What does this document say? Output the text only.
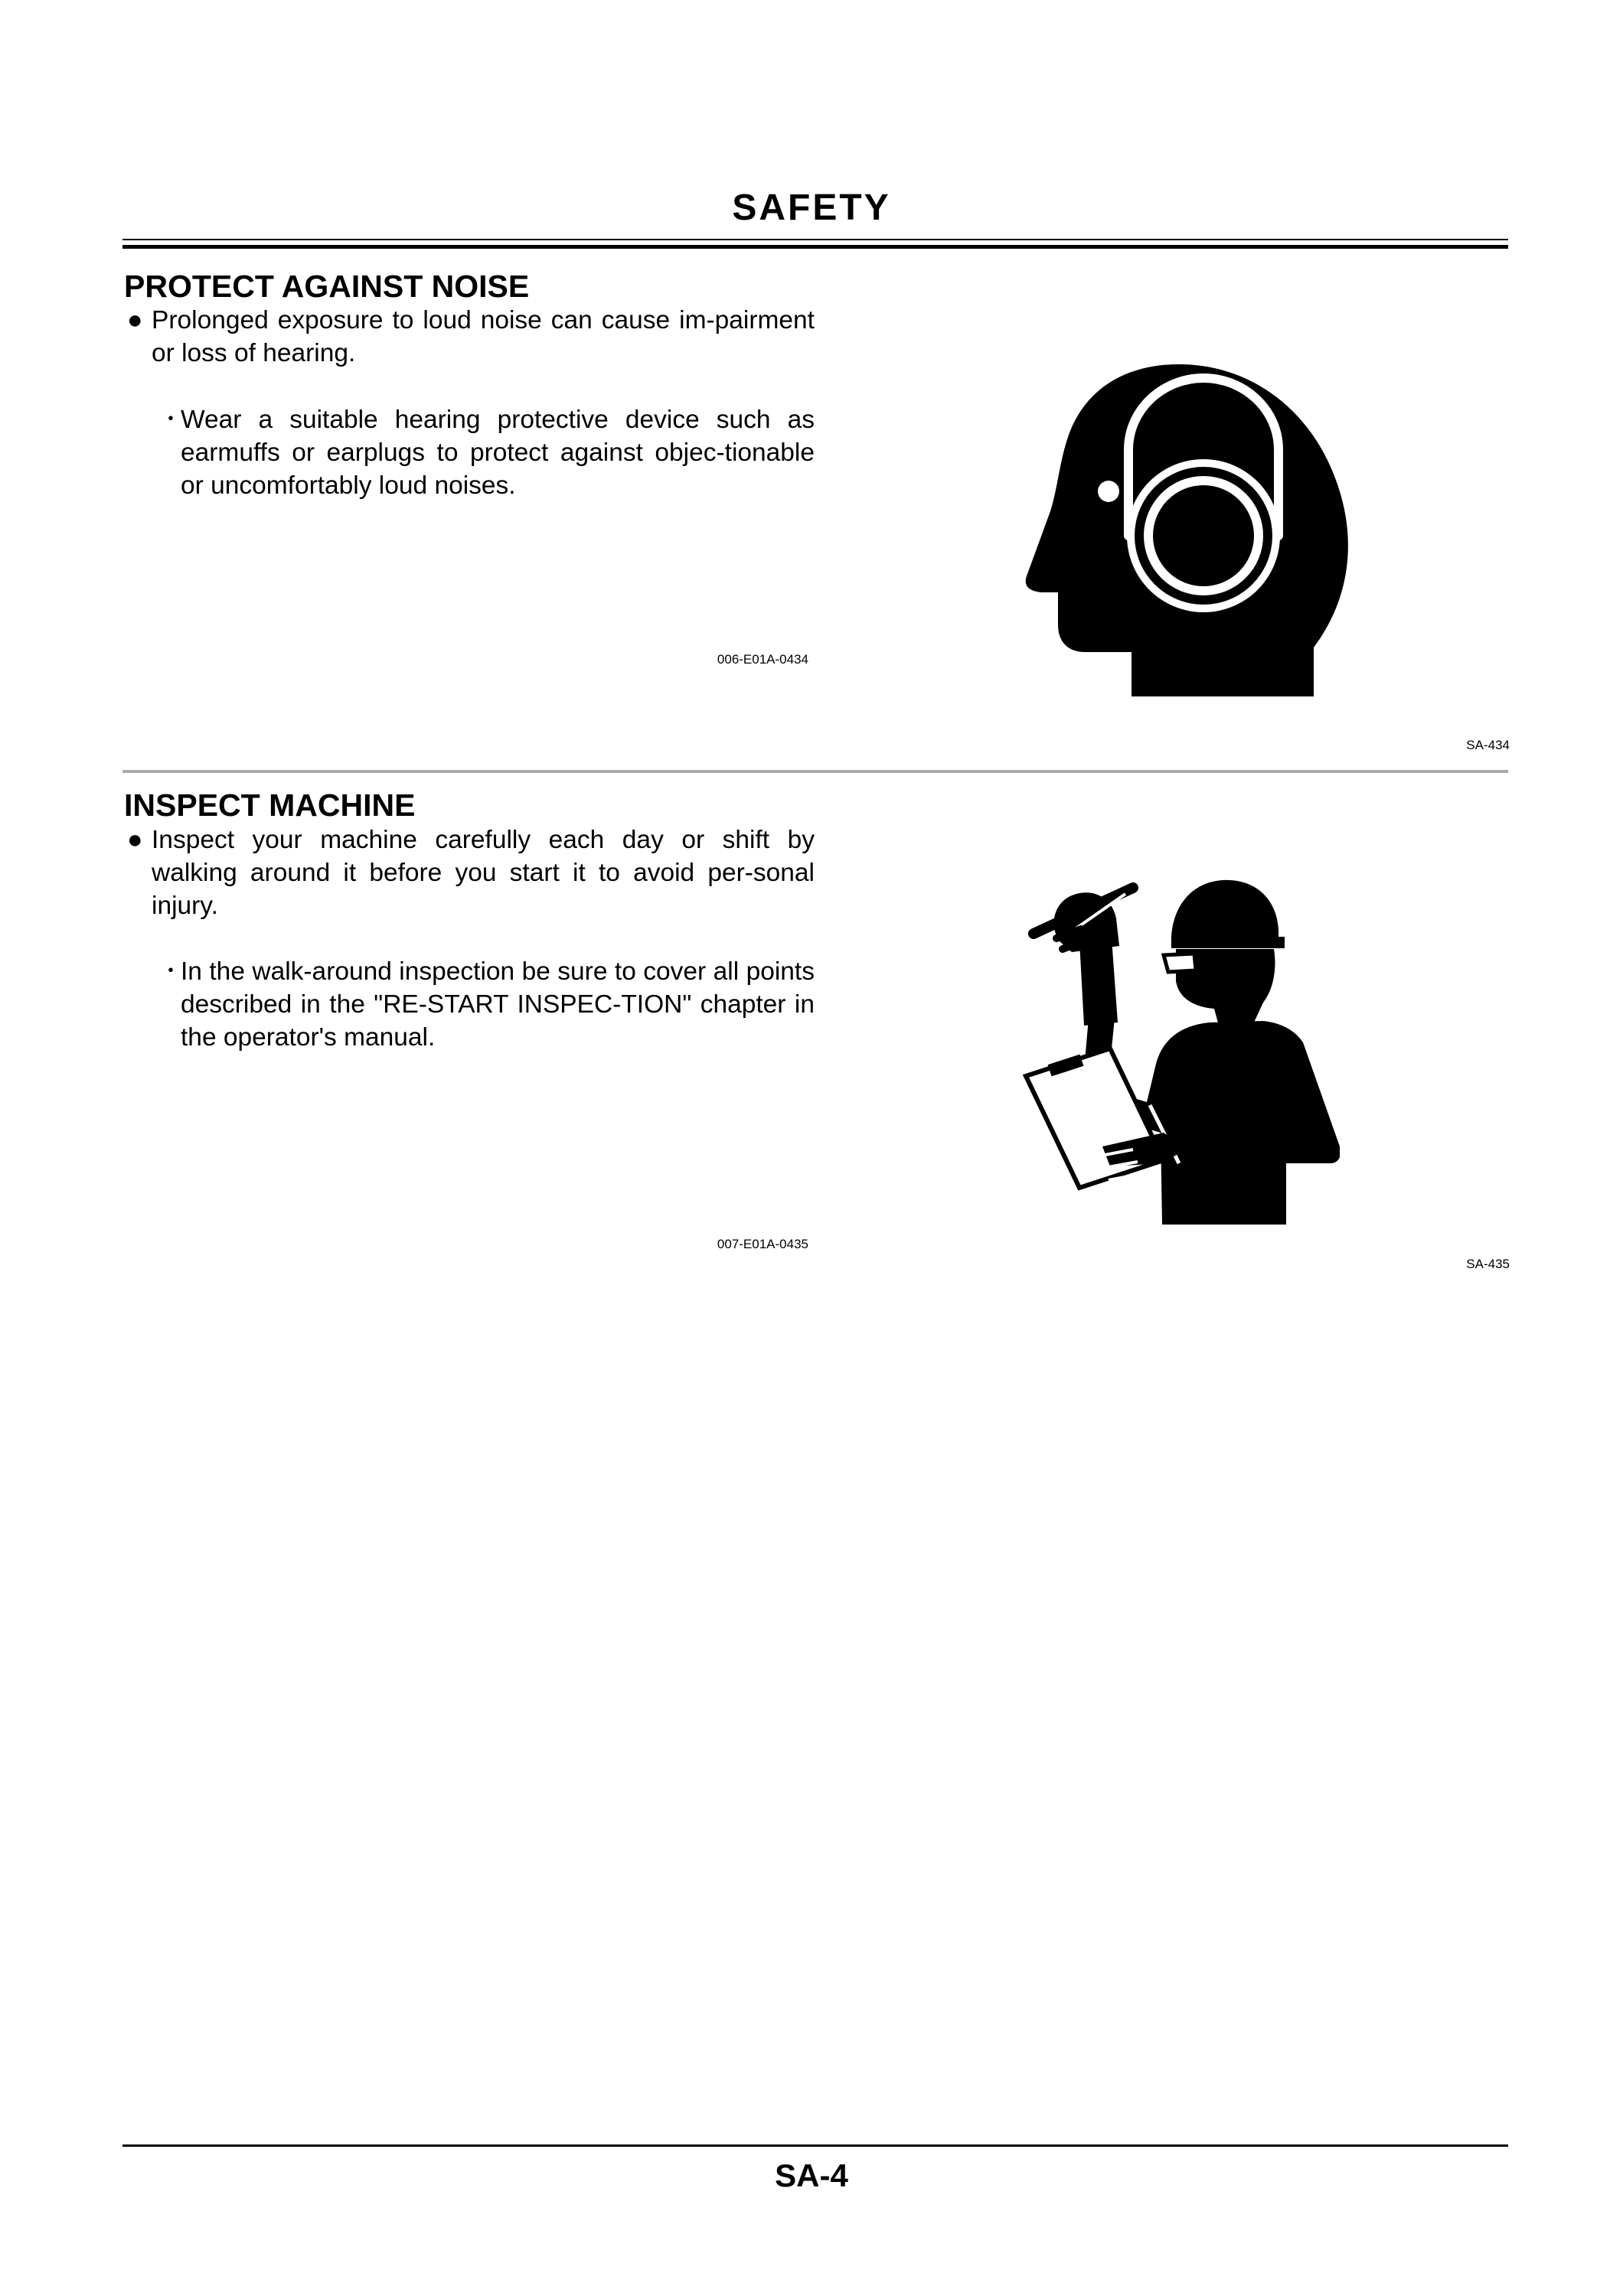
SAFETY
PROTECT AGAINST NOISE
● Prolonged exposure to loud noise can cause im-pairment or loss of hearing.

・

Wear a suitable hearing protective device such as earmuffs or earplugs to protect against objec-tionable or uncomfortably loud noises.

006-E01A-0434
SA-434
INSPECT MACHINE
● Inspect your machine carefully each day or shift by walking around it before you start it to avoid per-sonal injury.

・

In the walk-around inspection be sure to cover all points described in the "RE-START INSPEC-TION" chapter in the operator's manual.

007-E01A-0435
SA-435
SA-4
